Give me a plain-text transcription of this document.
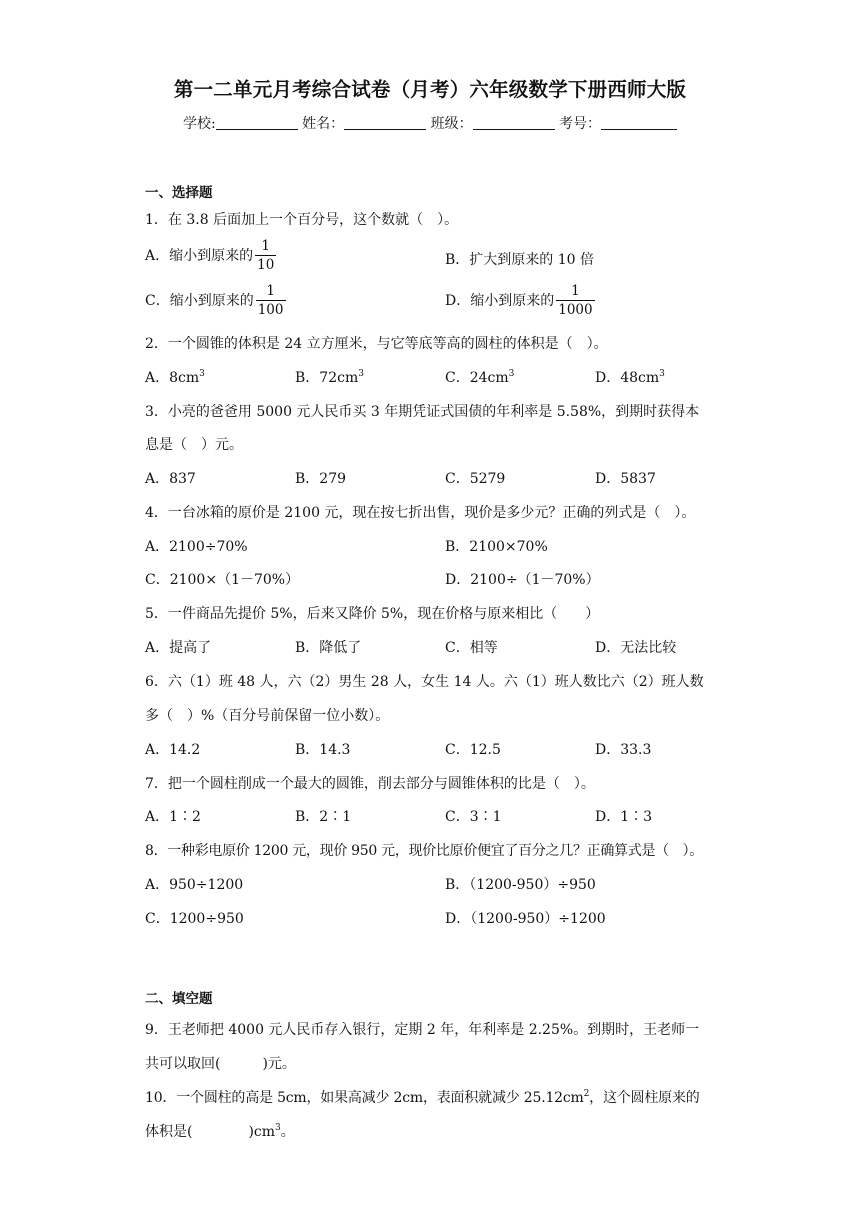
第一二单元月考综合试卷（月考）六年级数学下册西师大版
学校:	姓名：	班级：	考号：
一、选择题
1．在 3.8 后面加上一个百分号，这个数就（　）。
A．缩小到原来的 $\frac{1}{10}$	B．扩大到原来的 10 倍
C．缩小到原来的 $\frac{1}{100}$	D．缩小到原来的 $\frac{1}{1000}$
2．一个圆锥的体积是 24 立方厘米，与它等底等高的圆柱的体积是（　）。
A．$8cm^3$	B．$72cm^3$	C．$24cm^3$	D．$48cm^3$
3．小亮的爸爸用 5000 元人民币买 3 年期凭证式国债的年利率是 5.58%，到期时获得本
息是（　）元。
A．837	B．279	C．5279	D．5837
4．一台冰箱的原价是 2100 元，现在按七折出售，现价是多少元？正确的列式是（　）。
A．2100÷70%	B．2100×70%
C．2100×（1－70%）	D．2100÷（1－70%）
5．一件商品先提价 5%，后来又降价 5%，现在价格与原来相比（　　）
A．提高了	B．降低了	C．相等	D．无法比较
6．六（1）班 48 人，六（2）男生 28 人，女生 14 人。六（1）班人数比六（2）班人数
多（　）%（百分号前保留一位小数）。
A．14.2	B．14.3	C．12.5	D．33.3
7．把一个圆柱削成一个最大的圆锥，削去部分与圆锥体积的比是（　）。
A．1∶2	B．2∶1	C．3∶1	D．1∶3
8．一种彩电原价 1200 元，现价 950 元，现价比原价便宜了百分之几？正确算式是（　）。
A．950÷1200	B．（1200-950）÷950
C．1200÷950	D．（1200-950）÷1200
二、填空题
9．王老师把 4000 元人民币存入银行，定期 2 年，年利率是 2.25%。到期时，王老师一
共可以取回(　　　)元。
10．一个圆柱的高是 5cm，如果高减少 2cm，表面积就减少 $25.12cm^2$，这个圆柱原来的
体积是(　　　　)$cm^3$。
